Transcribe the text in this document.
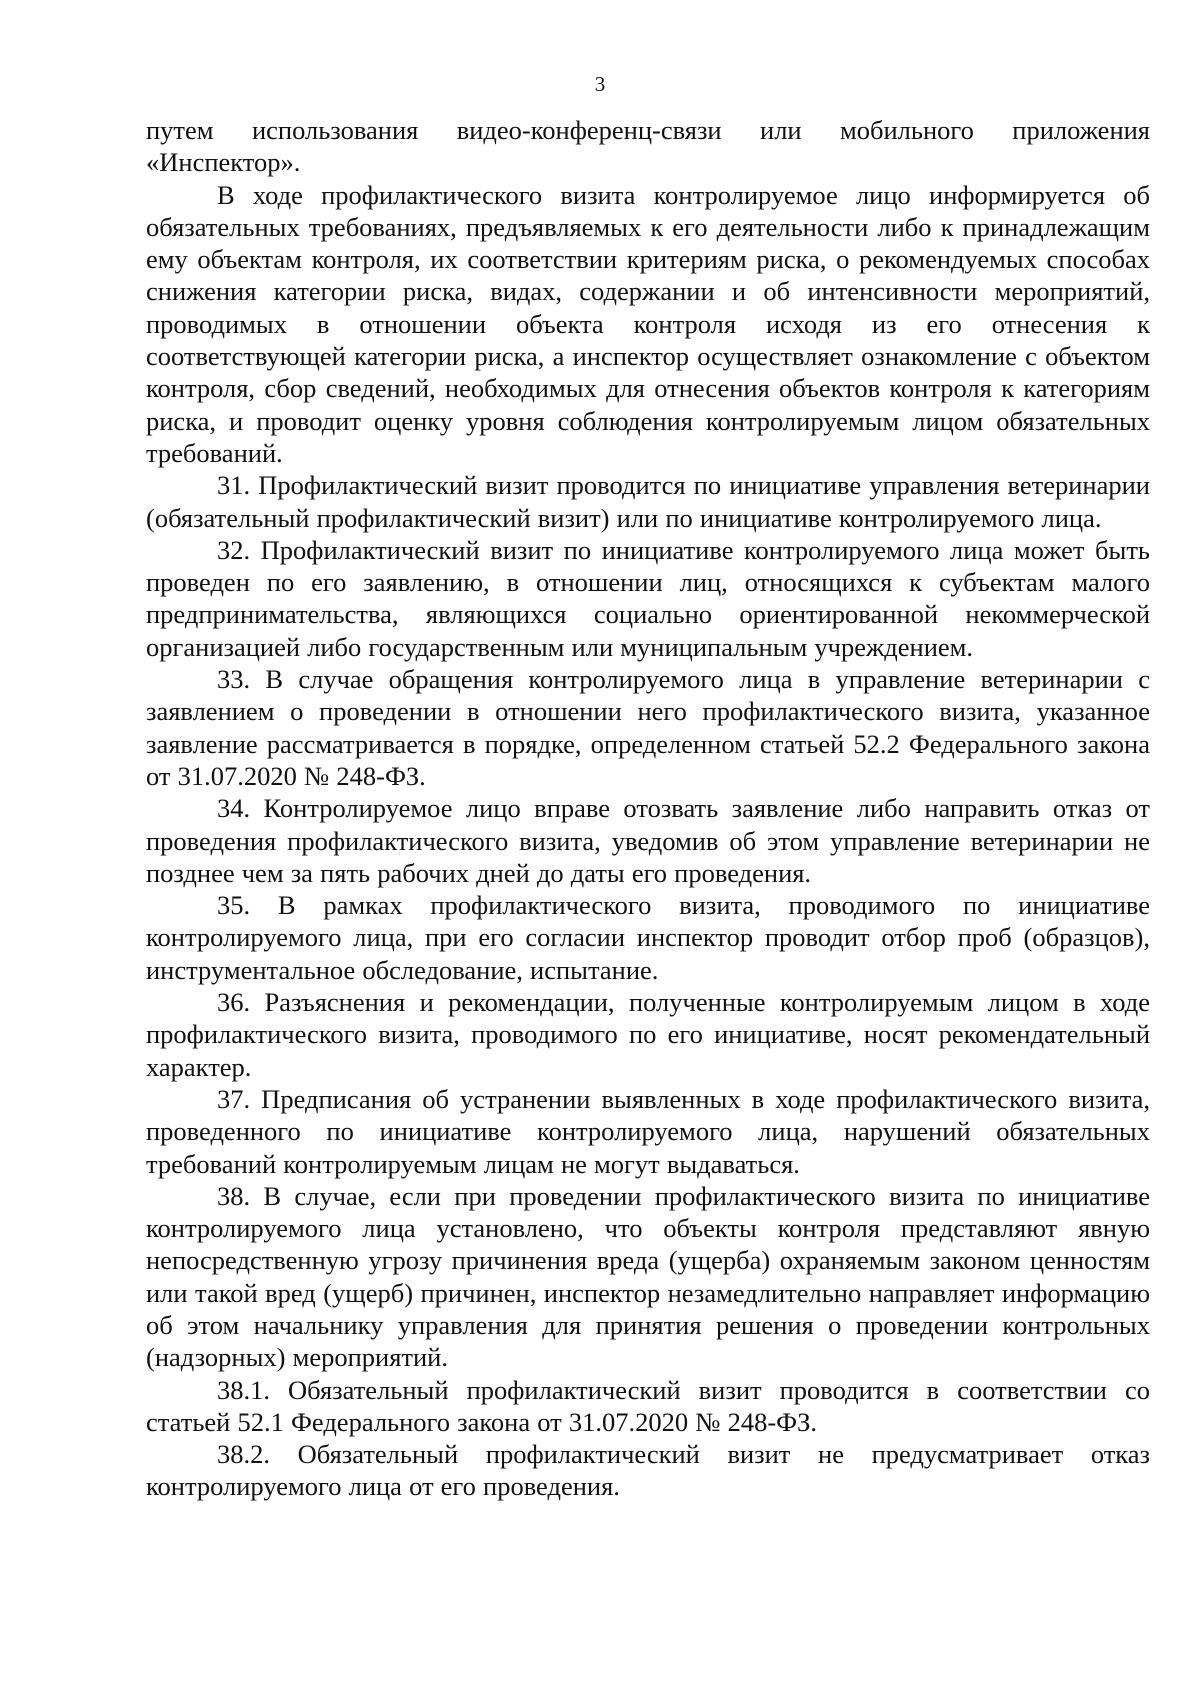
3

путем использования видео-конференц-связи или мобильного приложения «Инспектор».

В ходе профилактического визита контролируемое лицо информируется об обязательных требованиях, предъявляемых к его деятельности либо к принадлежащим ему объектам контроля, их соответствии критериям риска, о рекомендуемых способах снижения категории риска, видах, содержании и об интенсивности мероприятий, проводимых в отношении объекта контроля исходя из его отнесения к соответствующей категории риска, а инспектор осуществляет ознакомление с объектом контроля, сбор сведений, необходимых для отнесения объектов контроля к категориям риска, и проводит оценку уровня соблюдения контролируемым лицом обязательных требований.

31. Профилактический визит проводится по инициативе управления ветеринарии (обязательный профилактический визит) или по инициативе контролируемого лица.

32. Профилактический визит по инициативе контролируемого лица может быть проведен по его заявлению, в отношении лиц, относящихся к субъектам малого предпринимательства, являющихся социально ориентированной некоммерческой организацией либо государственным или муниципальным учреждением.

33. В случае обращения контролируемого лица в управление ветеринарии с заявлением о проведении в отношении него профилактического визита, указанное заявление рассматривается в порядке, определенном статьей 52.2 Федерального закона от 31.07.2020 № 248-ФЗ.

34. Контролируемое лицо вправе отозвать заявление либо направить отказ от проведения профилактического визита, уведомив об этом управление ветеринарии не позднее чем за пять рабочих дней до даты его проведения.

35. В рамках профилактического визита, проводимого по инициативе контролируемого лица, при его согласии инспектор проводит отбор проб (образцов), инструментальное обследование, испытание.

36. Разъяснения и рекомендации, полученные контролируемым лицом в ходе профилактического визита, проводимого по его инициативе, носят рекомендательный характер.

37. Предписания об устранении выявленных в ходе профилактического визита, проведенного по инициативе контролируемого лица, нарушений обязательных требований контролируемым лицам не могут выдаваться.

38. В случае, если при проведении профилактического визита по инициативе контролируемого лица установлено, что объекты контроля представляют явную непосредственную угрозу причинения вреда (ущерба) охраняемым законом ценностям или такой вред (ущерб) причинен, инспектор незамедлительно направляет информацию об этом начальнику управления для принятия решения о проведении контрольных (надзорных) мероприятий.

38.1. Обязательный профилактический визит проводится в соответствии со статьей 52.1 Федерального закона от 31.07.2020 № 248-ФЗ.

38.2. Обязательный профилактический визит не предусматривает отказ контролируемого лица от его проведения.
